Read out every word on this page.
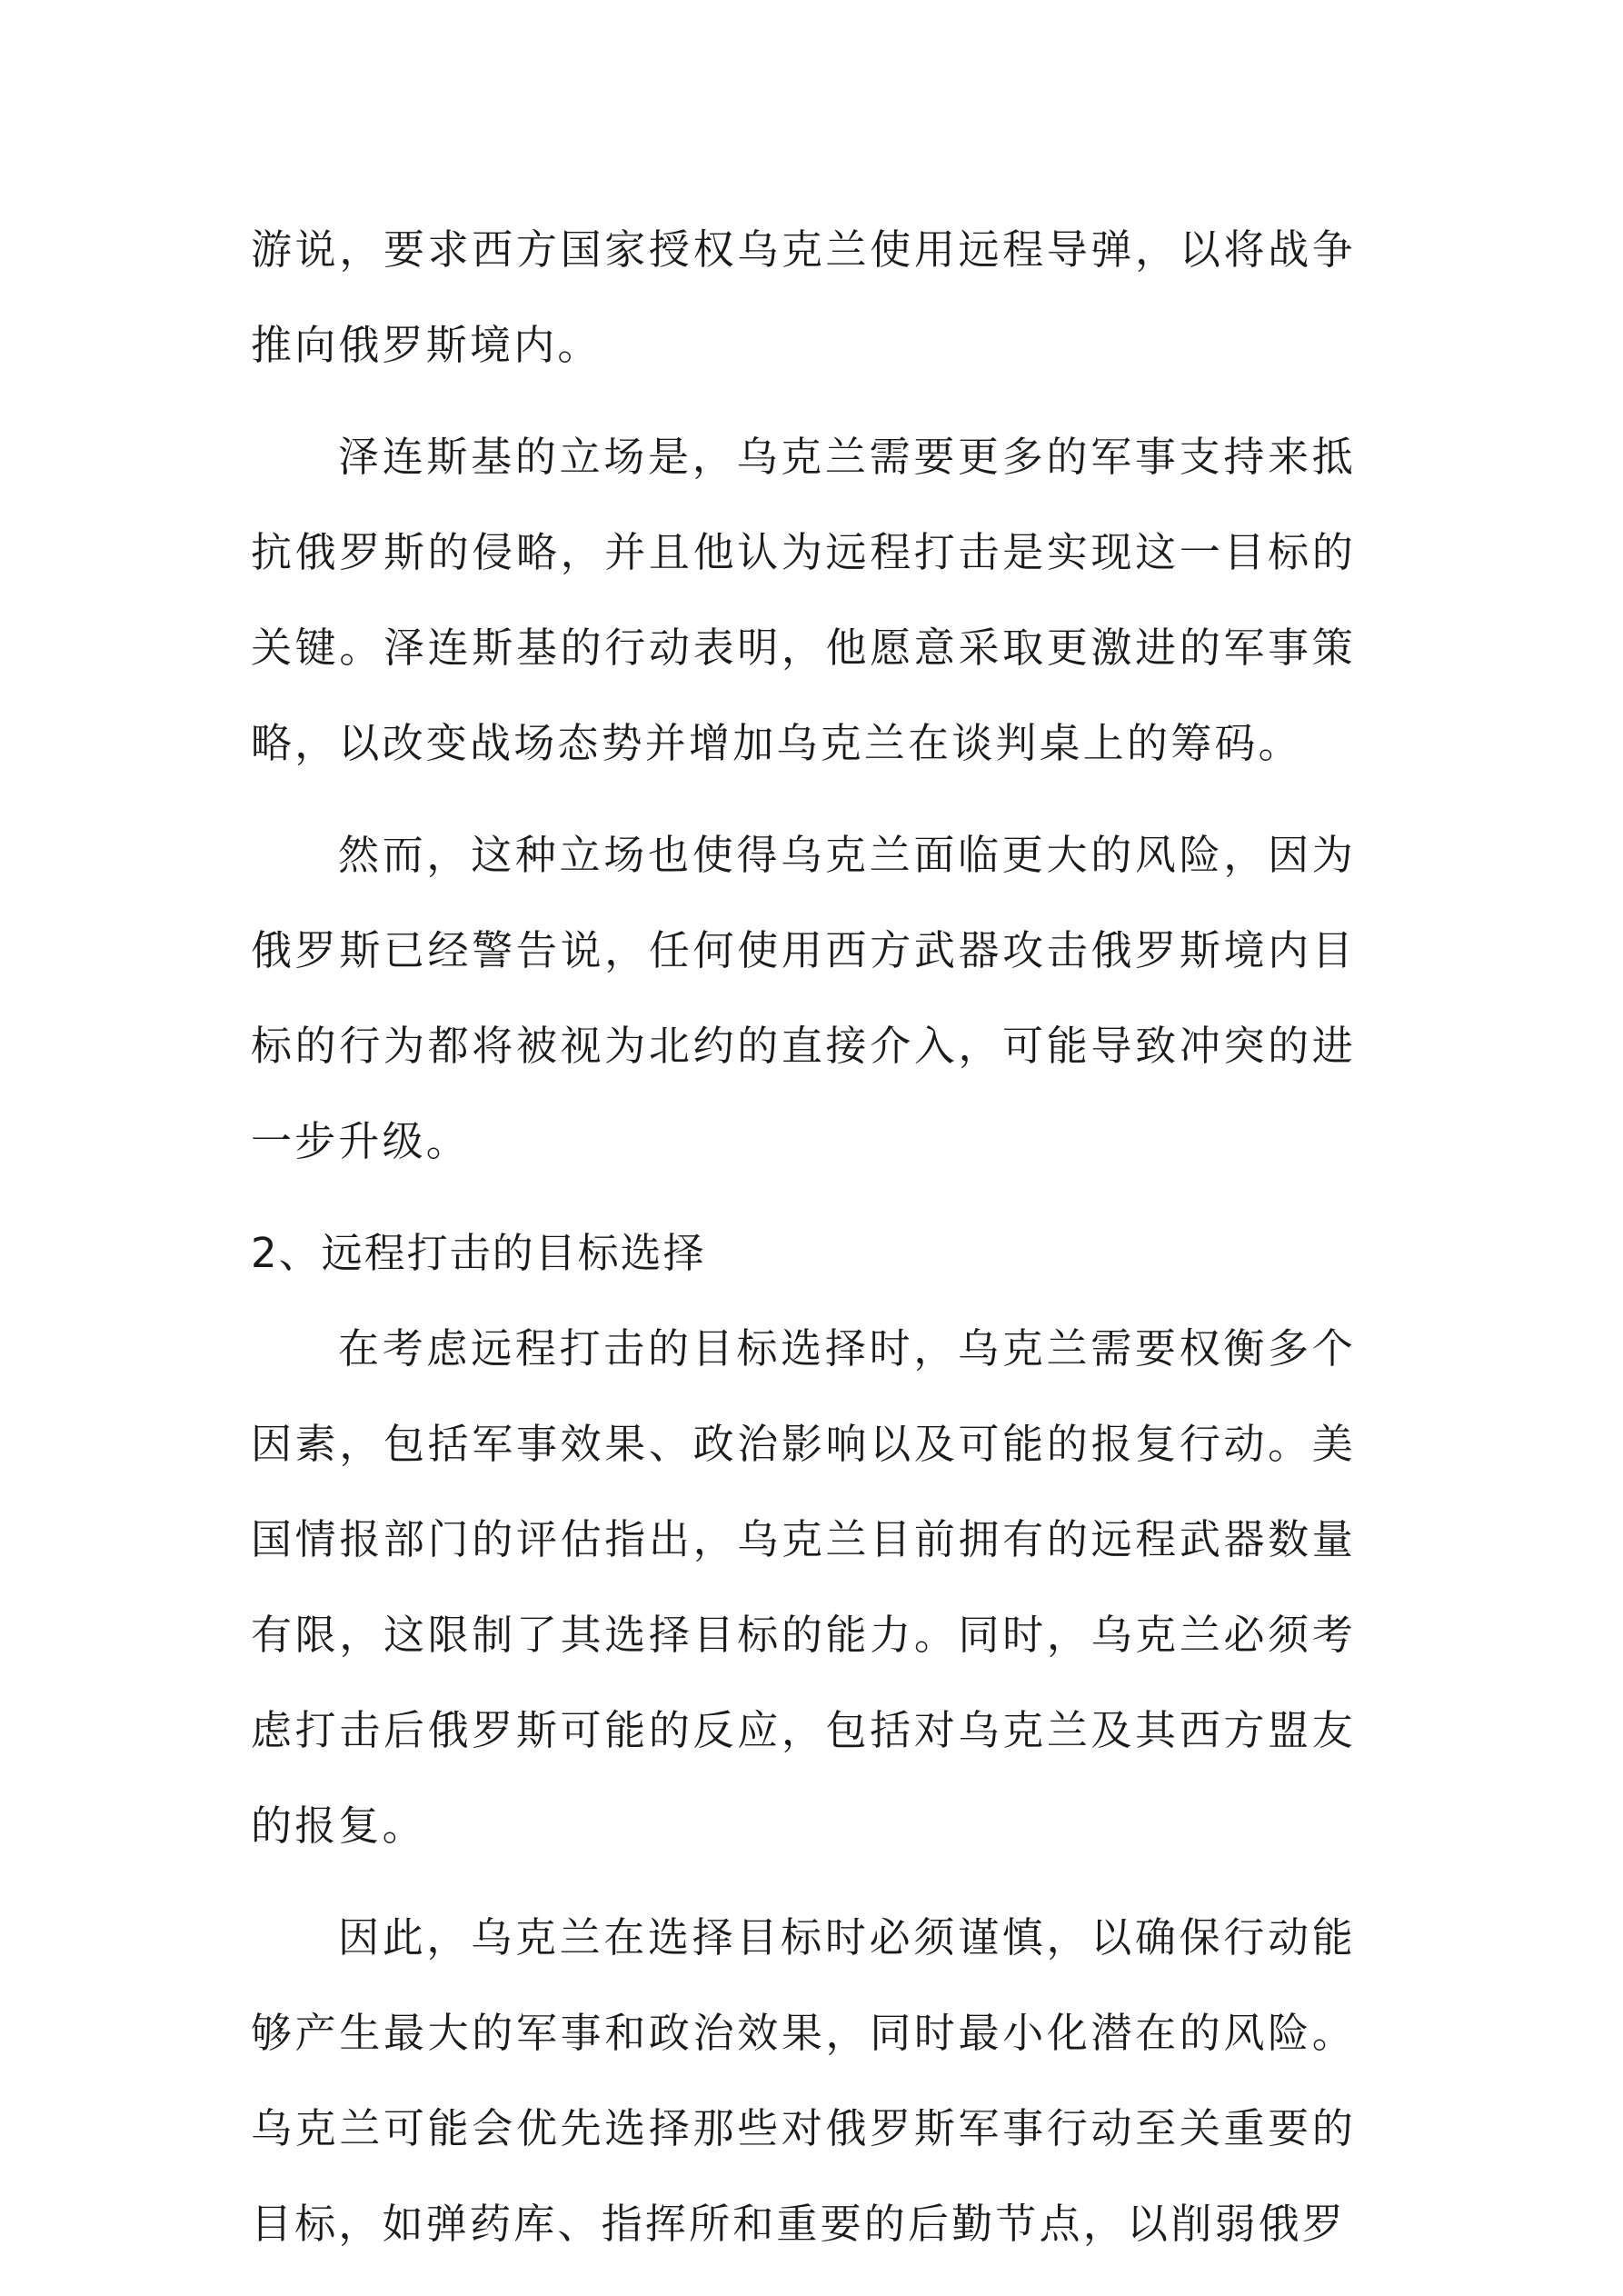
游说，要求西方国家授权乌克兰使用远程导弹，以将战争推向俄罗斯境内。

泽连斯基的立场是，乌克兰需要更多的军事支持来抵抗俄罗斯的侵略，并且他认为远程打击是实现这一目标的关键。泽连斯基的行动表明，他愿意采取更激进的军事策略，以改变战场态势并增加乌克兰在谈判桌上的筹码。

然而，这种立场也使得乌克兰面临更大的风险，因为俄罗斯已经警告说，任何使用西方武器攻击俄罗斯境内目标的行为都将被视为北约的直接介入，可能导致冲突的进一步升级。

2、远程打击的目标选择

在考虑远程打击的目标选择时，乌克兰需要权衡多个因素，包括军事效果、政治影响以及可能的报复行动。美国情报部门的评估指出，乌克兰目前拥有的远程武器数量有限，这限制了其选择目标的能力。同时，乌克兰必须考虑打击后俄罗斯可能的反应，包括对乌克兰及其西方盟友的报复。

因此，乌克兰在选择目标时必须谨慎，以确保行动能够产生最大的军事和政治效果，同时最小化潜在的风险。乌克兰可能会优先选择那些对俄罗斯军事行动至关重要的目标，如弹药库、指挥所和重要的后勤节点，以削弱俄罗
